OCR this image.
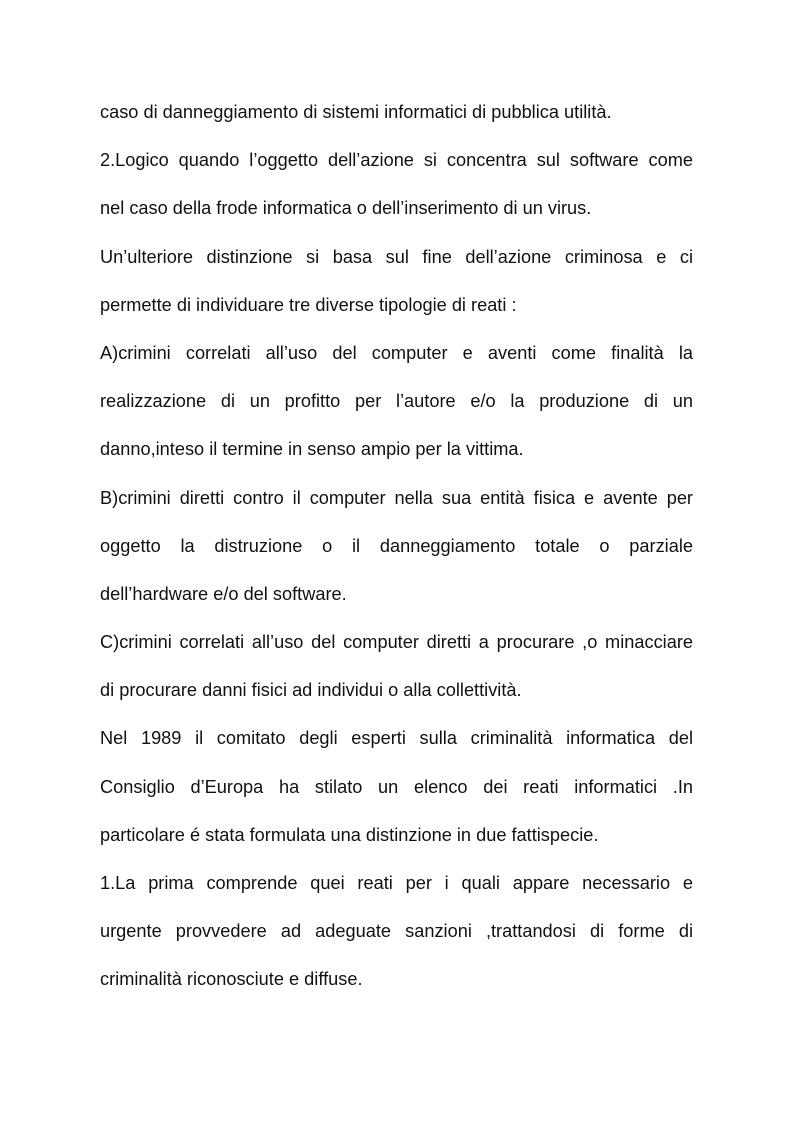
caso di danneggiamento di sistemi informatici di pubblica utilità.
2.Logico quando l’oggetto dell’azione si concentra sul software come
nel caso della frode informatica o dell’inserimento di un virus.
Un’ulteriore distinzione si basa sul fine dell’azione criminosa e ci
permette di individuare tre diverse tipologie di reati :
A)crimini correlati all’uso del computer e aventi come finalità la
realizzazione di un profitto per l’autore e/o la produzione di un
danno,inteso il termine in senso ampio per la vittima.
B)crimini diretti contro il computer nella sua entità fisica e avente per
oggetto la distruzione o il danneggiamento totale o parziale
dell’hardware e/o del software.
C)crimini correlati all’uso del computer diretti a procurare ,o minacciare
di procurare danni fisici ad individui o alla collettività.
Nel 1989 il comitato degli esperti sulla criminalità informatica del
Consiglio d’Europa ha stilato un elenco dei reati informatici .In
particolare é stata formulata una distinzione in due fattispecie.
1.La prima comprende quei reati per i quali appare necessario e
urgente provvedere ad adeguate sanzioni ,trattandosi di forme di
criminalità riconosciute e diffuse.
